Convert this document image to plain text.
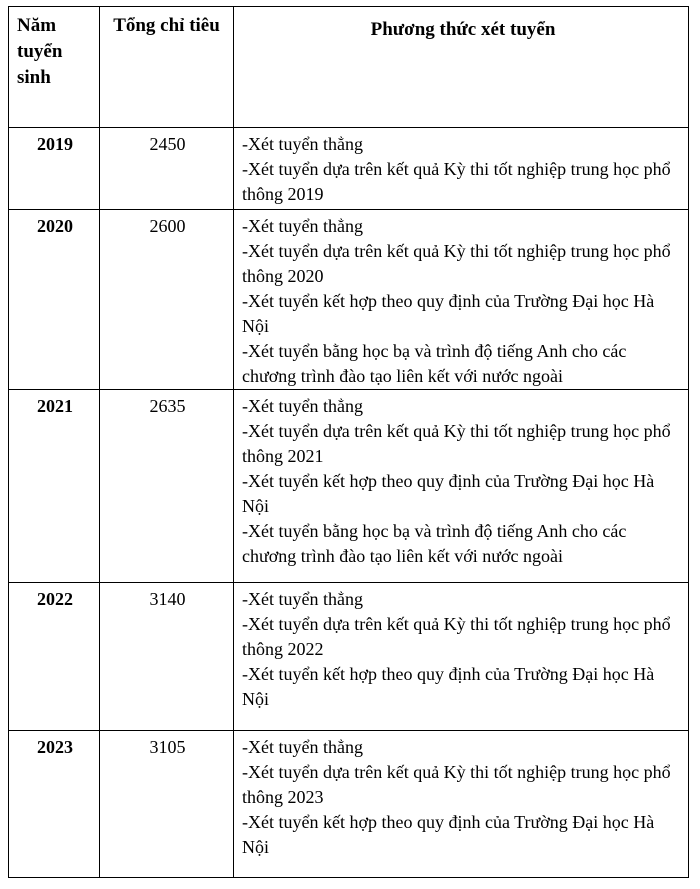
Năm tuyển sinh	Tổng chỉ tiêu	Phương thức xét tuyển
2019	2450	-Xét tuyển thẳng
-Xét tuyển dựa trên kết quả Kỳ thi tốt nghiệp trung học phổ thông 2019

2020	2600	-Xét tuyển thẳng
-Xét tuyển dựa trên kết quả Kỳ thi tốt nghiệp trung học phổ thông 2020
-Xét tuyển kết hợp theo quy định của Trường Đại học Hà Nội
-Xét tuyển bằng học bạ và trình độ tiếng Anh cho các chương trình đào tạo liên kết với nước ngoài

2021	2635	-Xét tuyển thẳng
-Xét tuyển dựa trên kết quả Kỳ thi tốt nghiệp trung học phổ thông 2021
-Xét tuyển kết hợp theo quy định của Trường Đại học Hà Nội
-Xét tuyển bằng học bạ và trình độ tiếng Anh cho các chương trình đào tạo liên kết với nước ngoài

2022	3140	-Xét tuyển thẳng
-Xét tuyển dựa trên kết quả Kỳ thi tốt nghiệp trung học phổ thông 2022
-Xét tuyển kết hợp theo quy định của Trường Đại học Hà Nội

2023	3105	-Xét tuyển thẳng
-Xét tuyển dựa trên kết quả Kỳ thi tốt nghiệp trung học phổ thông 2023
-Xét tuyển kết hợp theo quy định của Trường Đại học Hà Nội
